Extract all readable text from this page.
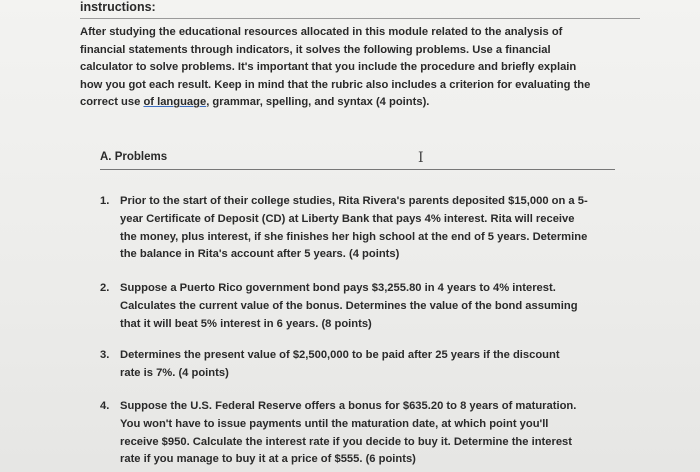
instructions:
After studying the educational resources allocated in this module related to the analysis of
financial statements through indicators, it solves the following problems. Use a financial
calculator to solve problems. It's important that you include the procedure and briefly explain
how you got each result. Keep in mind that the rubric also includes a criterion for evaluating the
correct use of language, grammar, spelling, and syntax (4 points).
A. Problems	I
1. Prior to the start of their college studies, Rita Rivera's parents deposited $15,000 on a 5-
year Certificate of Deposit (CD) at Liberty Bank that pays 4% interest. Rita will receive
the money, plus interest, if she finishes her high school at the end of 5 years. Determine
the balance in Rita's account after 5 years. (4 points)
2. Suppose a Puerto Rico government bond pays $3,255.80 in 4 years to 4% interest.
Calculates the current value of the bonus. Determines the value of the bond assuming
that it will beat 5% interest in 6 years. (8 points)
3. Determines the present value of $2,500,000 to be paid after 25 years if the discount
rate is 7%. (4 points)
4. Suppose the U.S. Federal Reserve offers a bonus for $635.20 to 8 years of maturation.
You won't have to issue payments until the maturation date, at which point you'll
receive $950. Calculate the interest rate if you decide to buy it. Determine the interest
rate if you manage to buy it at a price of $555. (6 points)
